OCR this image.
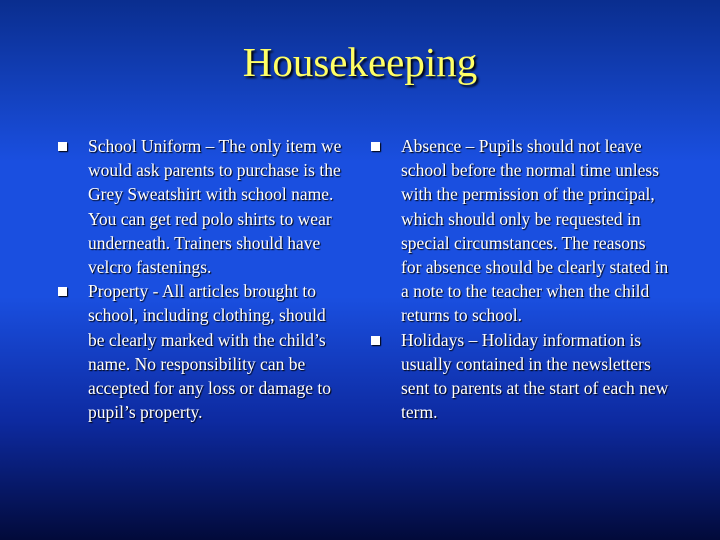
Housekeeping
School Uniform – The only item we would ask parents to purchase is the Grey Sweatshirt with school name. You can get red polo shirts to wear underneath. Trainers should have velcro fastenings.
Property - All articles brought to school, including clothing, should be clearly marked with the child’s name. No responsibility can be accepted for any loss or damage to pupil’s property.
Absence – Pupils should not leave school before the normal time unless with the permission of the principal, which should only be requested in special circumstances. The reasons for absence should be clearly stated in a note to the teacher when the child returns to school.
Holidays – Holiday information is usually contained in the newsletters sent to parents at the start of each new term.
